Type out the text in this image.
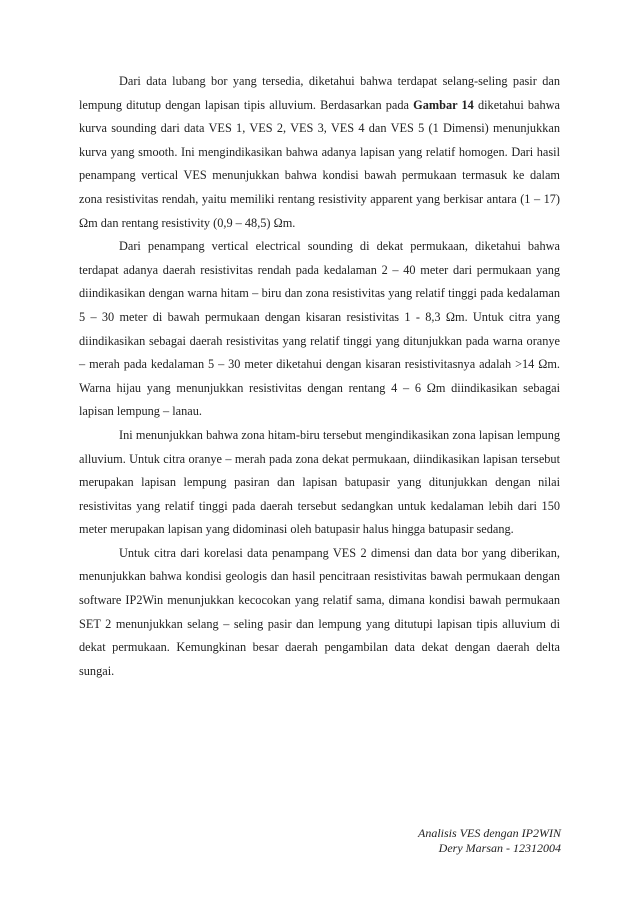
Dari data lubang bor yang tersedia, diketahui bahwa terdapat selang-seling pasir dan lempung ditutup dengan lapisan tipis alluvium. Berdasarkan pada Gambar 14 diketahui bahwa kurva sounding dari data VES 1, VES 2, VES 3, VES 4 dan VES 5 (1 Dimensi) menunjukkan kurva yang smooth. Ini mengindikasikan bahwa adanya lapisan yang relatif homogen. Dari hasil penampang vertical VES menunjukkan bahwa kondisi bawah permukaan termasuk ke dalam zona resistivitas rendah, yaitu memiliki rentang resistivity apparent yang berkisar antara (1 – 17) Ωm dan rentang resistivity (0,9 – 48,5) Ωm.

Dari penampang vertical electrical sounding di dekat permukaan, diketahui bahwa terdapat adanya daerah resistivitas rendah pada kedalaman 2 – 40 meter dari permukaan yang diindikasikan dengan warna hitam – biru dan zona resistivitas yang relatif tinggi pada kedalaman 5 – 30 meter di bawah permukaan dengan kisaran resistivitas 1 - 8,3 Ωm. Untuk citra yang diindikasikan sebagai daerah resistivitas yang relatif tinggi yang ditunjukkan pada warna oranye – merah pada kedalaman 5 – 30 meter diketahui dengan kisaran resistivitasnya adalah >14 Ωm. Warna hijau yang menunjukkan resistivitas dengan rentang 4 – 6 Ωm diindikasikan sebagai lapisan lempung – lanau.

Ini menunjukkan bahwa zona hitam-biru tersebut mengindikasikan zona lapisan lempung alluvium. Untuk citra oranye – merah pada zona dekat permukaan, diindikasikan lapisan tersebut merupakan lapisan lempung pasiran dan lapisan batupasir yang ditunjukkan dengan nilai resistivitas yang relatif tinggi pada daerah tersebut sedangkan untuk kedalaman lebih dari 150 meter merupakan lapisan yang didominasi oleh batupasir halus hingga batupasir sedang.

Untuk citra dari korelasi data penampang VES 2 dimensi dan data bor yang diberikan, menunjukkan bahwa kondisi geologis dan hasil pencitraan resistivitas bawah permukaan dengan software IP2Win menunjukkan kecocokan yang relatif sama, dimana kondisi bawah permukaan SET 2 menunjukkan selang – seling pasir dan lempung yang ditutupi lapisan tipis alluvium di dekat permukaan. Kemungkinan besar daerah pengambilan data dekat dengan daerah delta sungai.

Analisis VES dengan IP2WIN
Dery Marsan - 12312004
